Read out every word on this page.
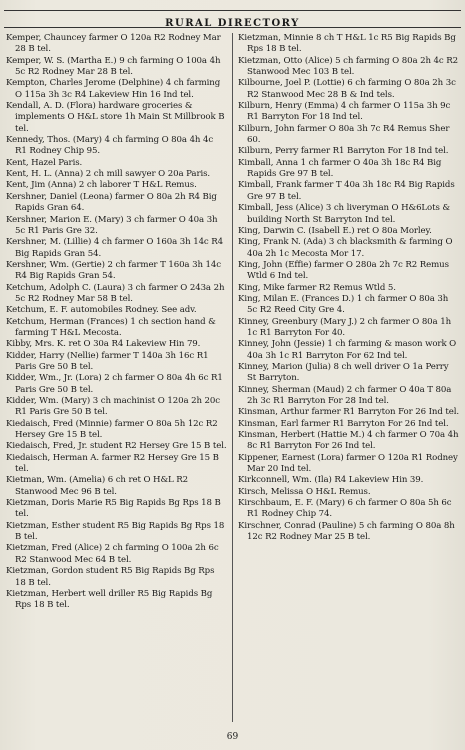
RURAL DIRECTORY

Kemper, Chauncey farmer O 120a R2 Rodney Mar 28 B tel.

Kemper, W. S. (Martha E.) 9 ch farming O 100a 4h 5c R2 Rodney Mar 28 B tel.

Kempton, Charles Jerome (Delphine) 4 ch farming O 115a 3h 3c R4 Lakeview Hin 16 Ind tel.

Kendall, A. D. (Flora) hardware groceries & implements O H&L store 1h Main St Millbrook B tel.

Kennedy, Thos. (Mary) 4 ch farming O 80a 4h 4c R1 Rodney Chip 95.

Kent, Hazel Paris.

Kent, H. L. (Anna) 2 ch mill sawyer O 20a Paris.

Kent, Jim (Anna) 2 ch laborer T H&L Remus.

Kershner, Daniel (Leona) farmer O 80a 2h R4 Big Rapids Gran 64.

Kershner, Marion E. (Mary) 3 ch farmer O 40a 3h 5c R1 Paris Gre 32.

Kershner, M. (Lillie) 4 ch farmer O 160a 3h 14c R4 Big Rapids Gran 54.

Kershner, Wm. (Gertie) 2 ch farmer T 160a 3h 14c R4 Big Rapids Gran 54.

Ketchum, Adolph C. (Laura) 3 ch farmer O 243a 2h 5c R2 Rodney Mar 58 B tel.

Ketchum, E. F. automobiles Rodney. See adv.

Ketchum, Herman (Frances) 1 ch section hand & farming T H&L Mecosta.

Kibby, Mrs. K. ret O 30a R4 Lakeview Hin 79.

Kidder, Harry (Nellie) farmer T 140a 3h 16c R1 Paris Gre 50 B tel.

Kidder, Wm., Jr. (Lora) 2 ch farmer O 80a 4h 6c R1 Paris Gre 50 B tel.

Kidder, Wm. (Mary) 3 ch machinist O 120a 2h 20c R1 Paris Gre 50 B tel.

Kiedaisch, Fred (Minnie) farmer O 80a 5h 12c R2 Hersey Gre 15 B tel.

Kiedaisch, Fred, Jr. student R2 Hersey Gre 15 B tel.

Kiedaisch, Herman A. farmer R2 Hersey Gre 15 B tel.

Kietman, Wm. (Amelia) 6 ch ret O H&L R2 Stanwood Mec 96 B tel.

Kietzman, Doris Marie R5 Big Rapids Bg Rps 18 B tel.

Kietzman, Esther student R5 Big Rapids Bg Rps 18 B tel.

Kietzman, Fred (Alice) 2 ch farming O 100a 2h 6c R2 Stanwood Mec 64 B tel.

Kietzman, Gordon student R5 Big Rapids Bg Rps 18 B tel.

Kietzman, Herbert well driller R5 Big Rapids Bg Rps 18 B tel.

Kietzman, Minnie 8 ch T H&L 1c R5 Big Rapids Bg Rps 18 B tel.

Kietzman, Otto (Alice) 5 ch farming O 80a 2h 4c R2 Stanwood Mec 103 B tel.

Kilbourne, Joel P. (Lottie) 6 ch farming O 80a 2h 3c R2 Stanwood Mec 28 B & Ind tels.

Kilburn, Henry (Emma) 4 ch farmer O 115a 3h 9c R1 Barryton For 18 Ind tel.

Kilburn, John farmer O 80a 3h 7c R4 Remus Sher 60.

Kilburn, Perry farmer R1 Barryton For 18 Ind tel.

Kimball, Anna 1 ch farmer O 40a 3h 18c R4 Big Rapids Gre 97 B tel.

Kimball, Frank farmer T 40a 3h 18c R4 Big Rapids Gre 97 B tel.

Kimball, Jess (Alice) 3 ch liveryman O H&6Lots & building North St Barryton Ind tel.

King, Darwin C. (Isabell E.) ret O 80a Morley.

King, Frank N. (Ada) 3 ch blacksmith & farming O 40a 2h 1c Mecosta Mor 17.

King, John (Effie) farmer O 280a 2h 7c R2 Remus Wtld 6 Ind tel.

King, Mike farmer R2 Remus Wtld 5.

King, Milan E. (Frances D.) 1 ch farmer O 80a 3h 5c R2 Reed City Gre 4.

Kinney, Greenbury (Mary J.) 2 ch farmer O 80a 1h 1c R1 Barryton For 40.

Kinney, John (Jessie) 1 ch farming & mason work O 40a 3h 1c R1 Barryton For 62 Ind tel.

Kinney, Marion (Julia) 8 ch well driver O 1a Perry St Barryton.

Kinney, Sherman (Maud) 2 ch farmer O 40a T 80a 2h 3c R1 Barryton For 28 Ind tel.

Kinsman, Arthur farmer R1 Barryton For 26 Ind tel.

Kinsman, Earl farmer R1 Barryton For 26 Ind tel.

Kinsman, Herbert (Hattie M.) 4 ch farmer O 70a 4h 8c R1 Barryton For 26 Ind tel.

Kippener, Earnest (Lora) farmer O 120a R1 Rodney Mar 20 Ind tel.

Kirkconnell, Wm. (Ila) R4 Lakeview Hin 39.

Kirsch, Melissa O H&L Remus.

Kirschbaum, E. F. (Mary) 6 ch farmer O 80a 5h 6c R1 Rodney Chip 74.

Kirschner, Conrad (Pauline) 5 ch farming O 80a 8h 12c R2 Rodney Mar 25 B tel.

69
